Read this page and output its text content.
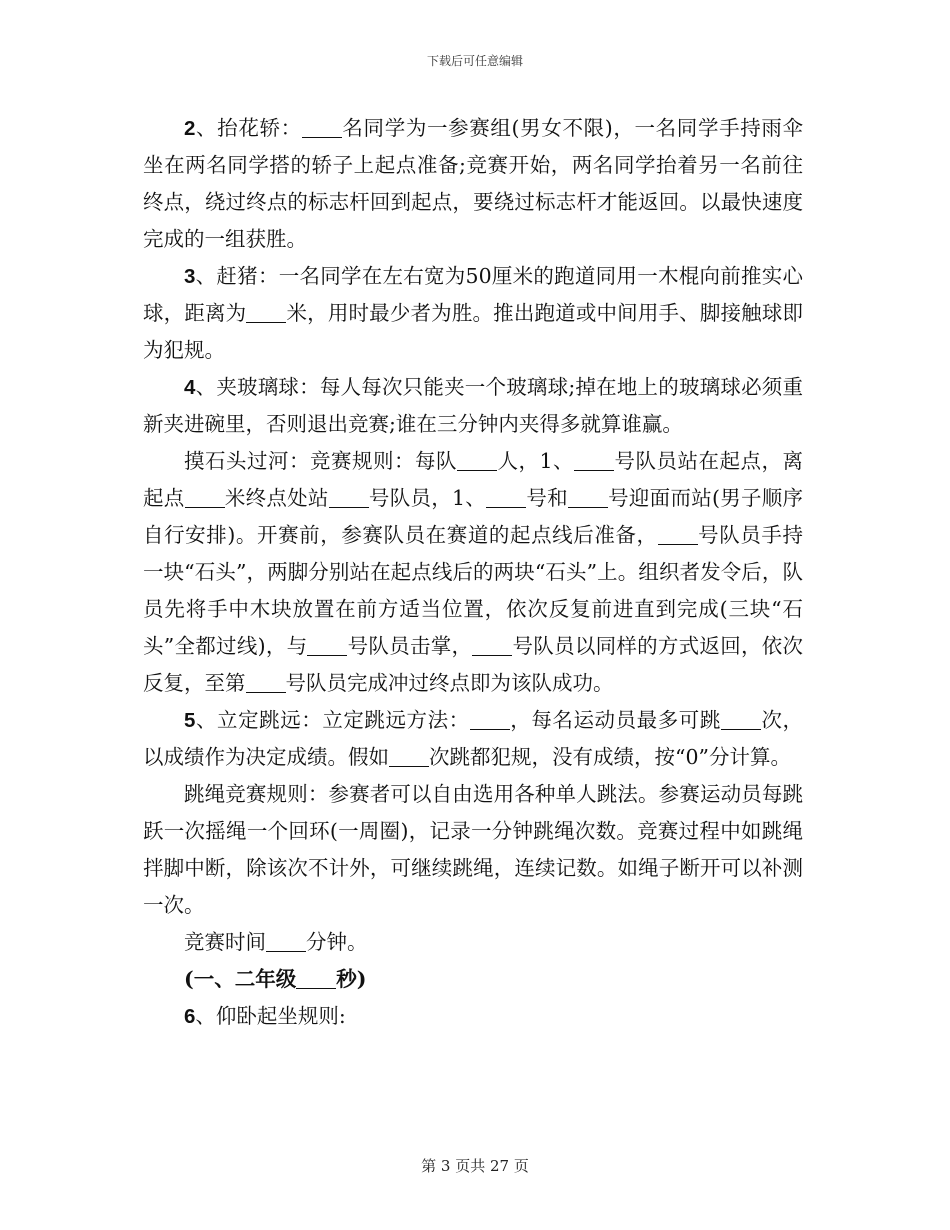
下载后可任意编辑

2、抬花轿： 名同学为一参赛组(男女不限)，一名同学手持雨伞坐在两名同学搭的轿子上起点准备;竞赛开始，两名同学抬着另一名前往终点，绕过终点的标志杆回到起点，要绕过标志杆才能返回。以最快速度完成的一组获胜。

3、赶猪：一名同学在左右宽为50厘米的跑道同用一木棍向前推实心球，距离为 米，用时最少者为胜。推出跑道或中间用手、脚接触球即为犯规。

4、夹玻璃球：每人每次只能夹一个玻璃球;掉在地上的玻璃球必须重新夹进碗里，否则退出竞赛;谁在三分钟内夹得多就算谁赢。

摸石头过河：竞赛规则：每队 人，1、 号队员站在起点，离起点 米终点处站 号队员，1、 号和 号迎面而站(男子顺序自行安排)。开赛前，参赛队员在赛道的起点线后准备， 号队员手持一块“石头”，两脚分别站在起点线后的两块“石头”上。组织者发令后，队员先将手中木块放置在前方适当位置，依次反复前进直到完成(三块“石头”全都过线)，与 号队员击掌， 号队员以同样的方式返回，依次反复，至第 号队员完成冲过终点即为该队成功。

5、立定跳远：立定跳远方法： ，每名运动员最多可跳 次，以成绩作为决定成绩。假如 次跳都犯规，没有成绩，按“0”分计算。

跳绳竞赛规则：参赛者可以自由选用各种单人跳法。参赛运动员每跳跃一次摇绳一个回环(一周圈)，记录一分钟跳绳次数。竞赛过程中如跳绳拌脚中断，除该次不计外，可继续跳绳，连续记数。如绳子断开可以补测一次。

竞赛时间 分钟。

(一、二年级 秒)

6、仰卧起坐规则:

第 3 页共 27 页
